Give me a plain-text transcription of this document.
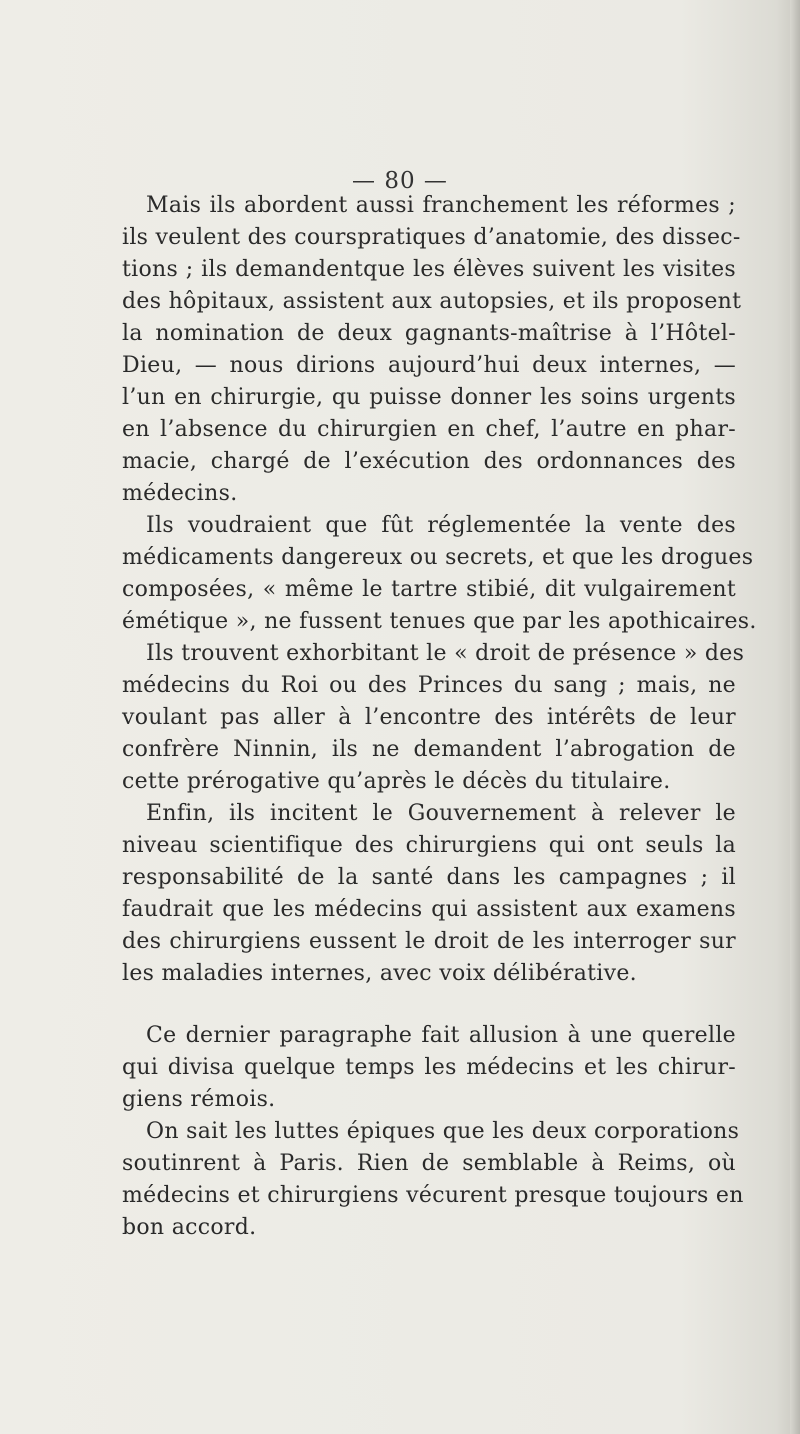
— 80 —
Mais ils abordent aussi franchement les réformes ;
ils veulent des courspratiques d’anatomie, des dissec-
tions ; ils demandentque les élèves suivent les visites
des hôpitaux, assistent aux autopsies, et ils proposent
la nomination de deux gagnants-maîtrise à l’Hôtel-
Dieu, — nous dirions aujourd’hui deux internes, —
l’un en chirurgie, qu puisse donner les soins urgents
en l’absence du chirurgien en chef, l’autre en phar-
macie, chargé de l’exécution des ordonnances des
médecins.
Ils voudraient que fût réglementée la vente des
médicaments dangereux ou secrets, et que les drogues
composées, « même le tartre stibié, dit vulgairement
émétique », ne fussent tenues que par les apothicaires.
Ils trouvent exhorbitant le « droit de présence » des
médecins du Roi ou des Princes du sang ; mais, ne
voulant pas aller à l’encontre des intérêts de leur
confrère Ninnin, ils ne demandent l’abrogation de
cette prérogative qu’après le décès du titulaire.
Enfin, ils incitent le Gouvernement à relever le
niveau scientifique des chirurgiens qui ont seuls la
responsabilité de la santé dans les campagnes ; il
faudrait que les médecins qui assistent aux examens
des chirurgiens eussent le droit de les interroger sur
les maladies internes, avec voix délibérative.
Ce dernier paragraphe fait allusion à une querelle
qui divisa quelque temps les médecins et les chirur-
giens rémois.
On sait les luttes épiques que les deux corporations
soutinrent à Paris. Rien de semblable à Reims, où
médecins et chirurgiens vécurent presque toujours en
bon accord.
